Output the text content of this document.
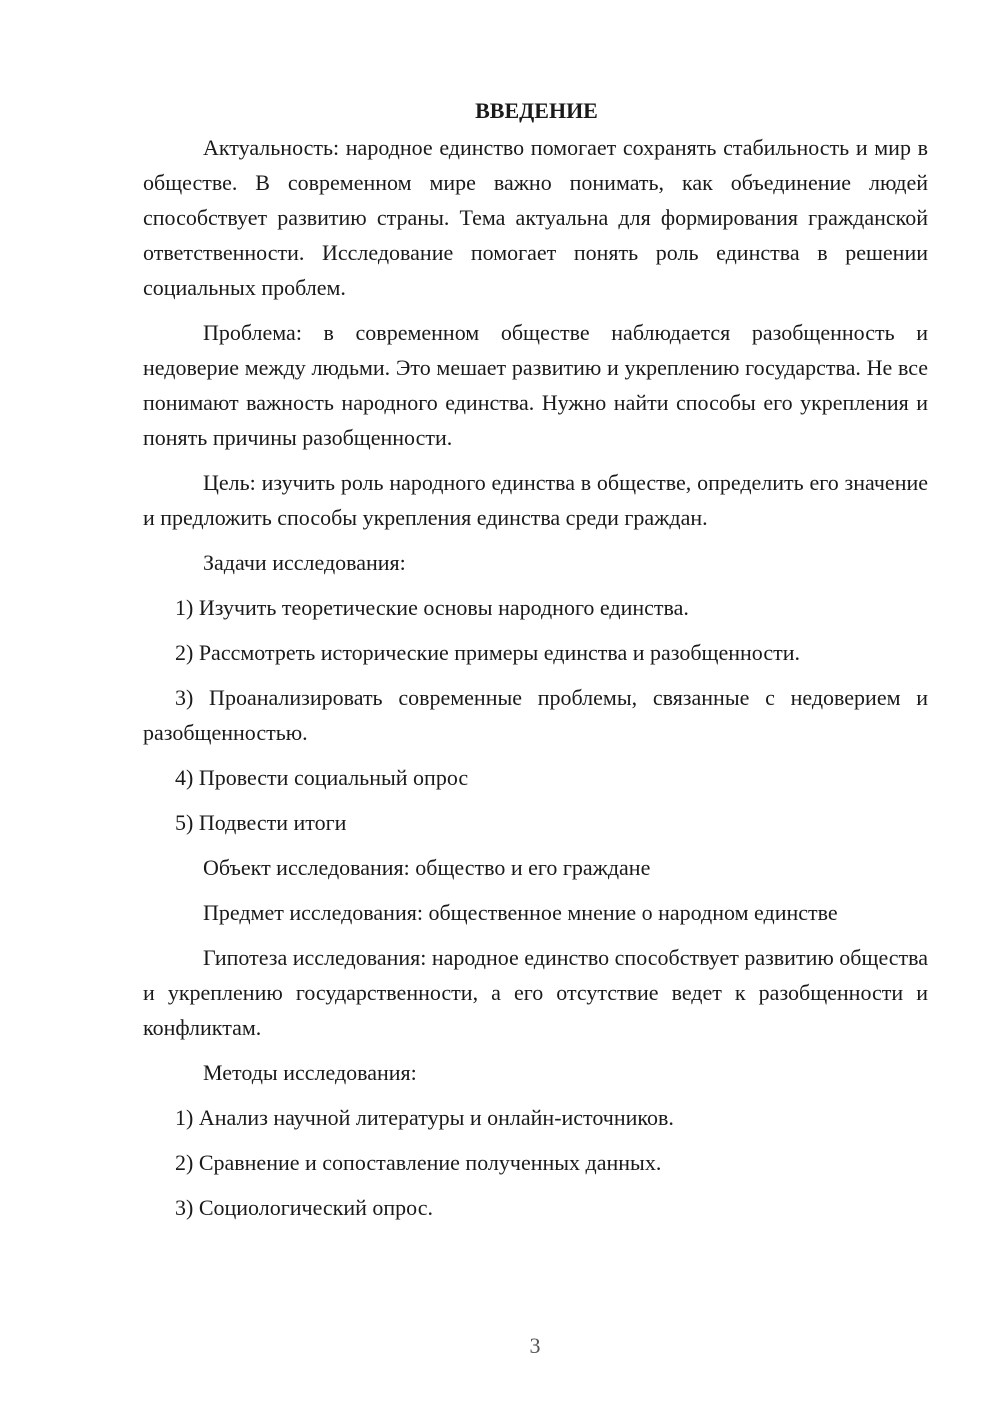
ВВЕДЕНИЕ

Актуальность: народное единство помогает сохранять стабильность и мир в обществе. В современном мире важно понимать, как объединение людей способствует развитию страны. Тема актуальна для формирования гражданской ответственности. Исследование помогает понять роль единства в решении социальных проблем.

Проблема: в современном обществе наблюдается разобщенность и недоверие между людьми. Это мешает развитию и укреплению государства. Не все понимают важность народного единства. Нужно найти способы его укрепления и понять причины разобщенности.

Цель: изучить роль народного единства в обществе, определить его значение и предложить способы укрепления единства среди граждан.

Задачи исследования:

1) Изучить теоретические основы народного единства.

2) Рассмотреть исторические примеры единства и разобщенности.

3) Проанализировать современные проблемы, связанные с недоверием и разобщенностью.

4) Провести социальный опрос

5) Подвести итоги

Объект исследования: общество и его граждане

Предмет исследования: общественное мнение о народном единстве

Гипотеза исследования: народное единство способствует развитию общества и укреплению государственности, а его отсутствие ведет к разобщенности и конфликтам.

Методы исследования:

1) Анализ научной литературы и онлайн-источников.

2) Сравнение и сопоставление полученных данных.

3) Социологический опрос.

3
